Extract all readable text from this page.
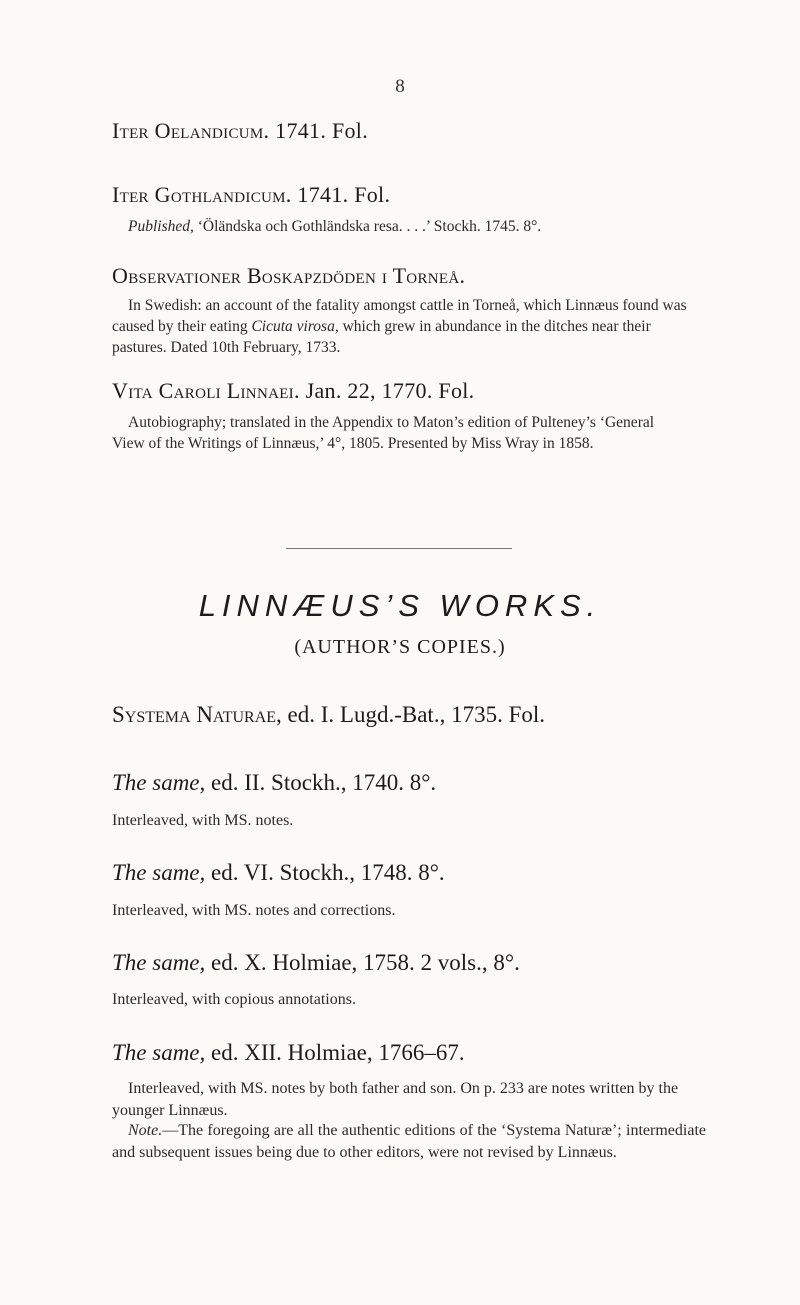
8
Iter Oelandicum. 1741. Fol.
Iter Gothlandicum. 1741. Fol.
Published, ‘Öländska och Gothländska resa. . . .’ Stockh. 1745. 8°.
Observationer Boskapzdöden i Torneå.
In Swedish: an account of the fatality amongst cattle in Torneå, which Linnæus found was caused by their eating Cicuta virosa, which grew in abundance in the ditches near their pastures. Dated 10th February, 1733.
Vita Caroli Linnaei. Jan. 22, 1770. Fol.
Autobiography; translated in the Appendix to Maton’s edition of Pulteney’s ‘General View of the Writings of Linnæus,’ 4°, 1805. Presented by Miss Wray in 1858.
LINNÆUS’S WORKS.
(AUTHOR’S COPIES.)
Systema Naturae, ed. I. Lugd.-Bat., 1735. Fol.
The same, ed. II. Stockh., 1740. 8°.
Interleaved, with MS. notes.
The same, ed. VI. Stockh., 1748. 8°.
Interleaved, with MS. notes and corrections.
The same, ed. X. Holmiae, 1758. 2 vols., 8°.
Interleaved, with copious annotations.
The same, ed. XII. Holmiae, 1766–67.
Interleaved, with MS. notes by both father and son. On p. 233 are notes written by the younger Linnæus.
Note.—The foregoing are all the authentic editions of the ‘Systema Naturæ’; intermediate and subsequent issues being due to other editors, were not revised by Linnæus.
